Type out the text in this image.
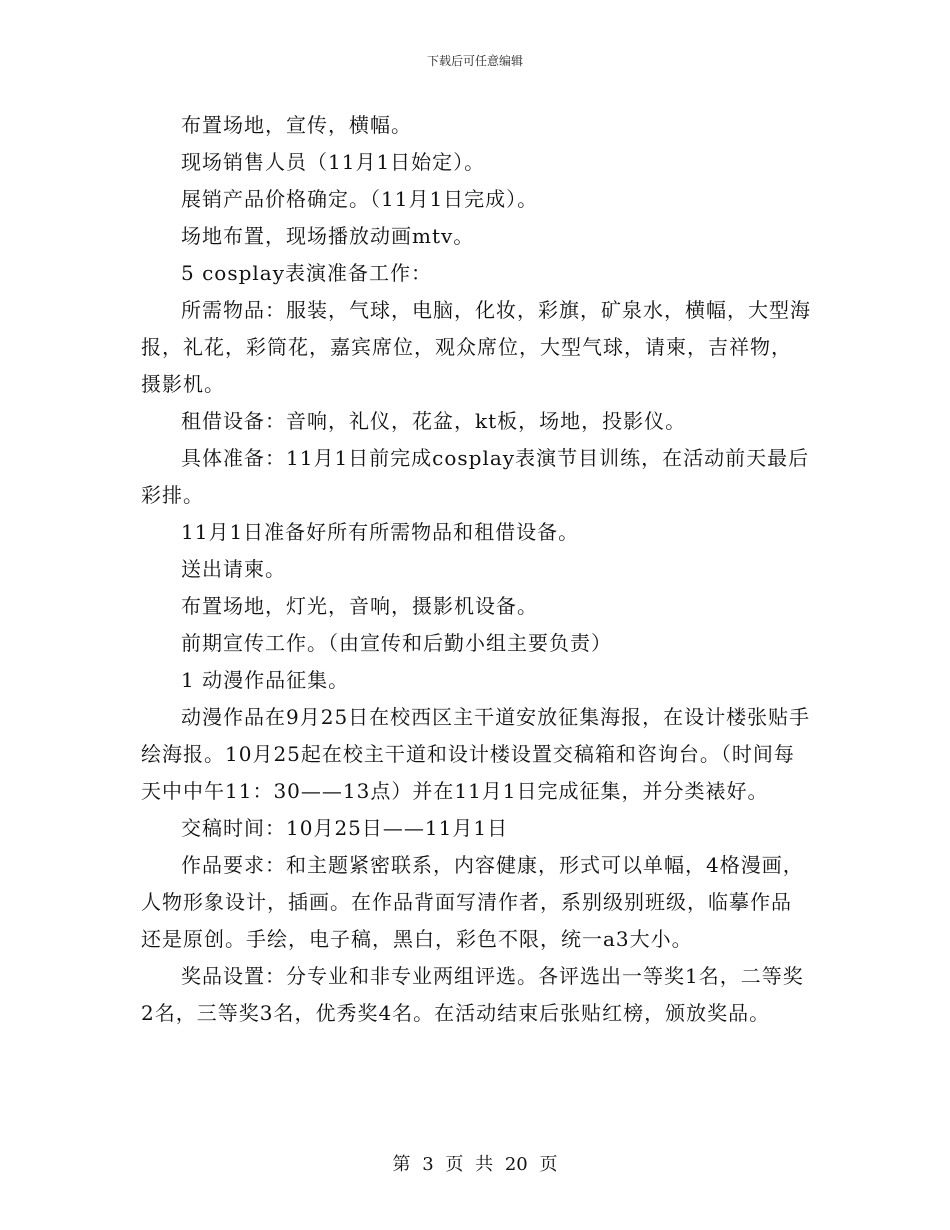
下载后可任意编辑

布置场地，宣传，横幅。

现场销售人员（11月1日始定）。

展销产品价格确定。（11月1日完成）。

场地布置，现场播放动画mtv。

5 cosplay表演准备工作：

所需物品：服装，气球，电脑，化妆，彩旗，矿泉水，横幅，大型海报，礼花，彩筒花，嘉宾席位，观众席位，大型气球，请柬，吉祥物，摄影机。

租借设备：音响，礼仪，花盆，kt板，场地，投影仪。

具体准备：11月1日前完成cosplay表演节目训练，在活动前天最后彩排。

11月1日准备好所有所需物品和租借设备。

送出请柬。

布置场地，灯光，音响，摄影机设备。

前期宣传工作。（由宣传和后勤小组主要负责）

1 动漫作品征集。

动漫作品在9月25日在校西区主干道安放征集海报，在设计楼张贴手绘海报。10月25起在校主干道和设计楼设置交稿箱和咨询台。（时间每天中中午11：30——13点）并在11月1日完成征集，并分类裱好。

交稿时间：10月25日——11月1日

作品要求：和主题紧密联系，内容健康，形式可以单幅，4格漫画，人物形象设计，插画。在作品背面写清作者，系别级别班级，临摹作品还是原创。手绘，电子稿，黑白，彩色不限，统一a3大小。

奖品设置：分专业和非专业两组评选。各评选出一等奖1名，二等奖2名，三等奖3名，优秀奖4名。在活动结束后张贴红榜，颁放奖品。

第 3 页 共 20 页
